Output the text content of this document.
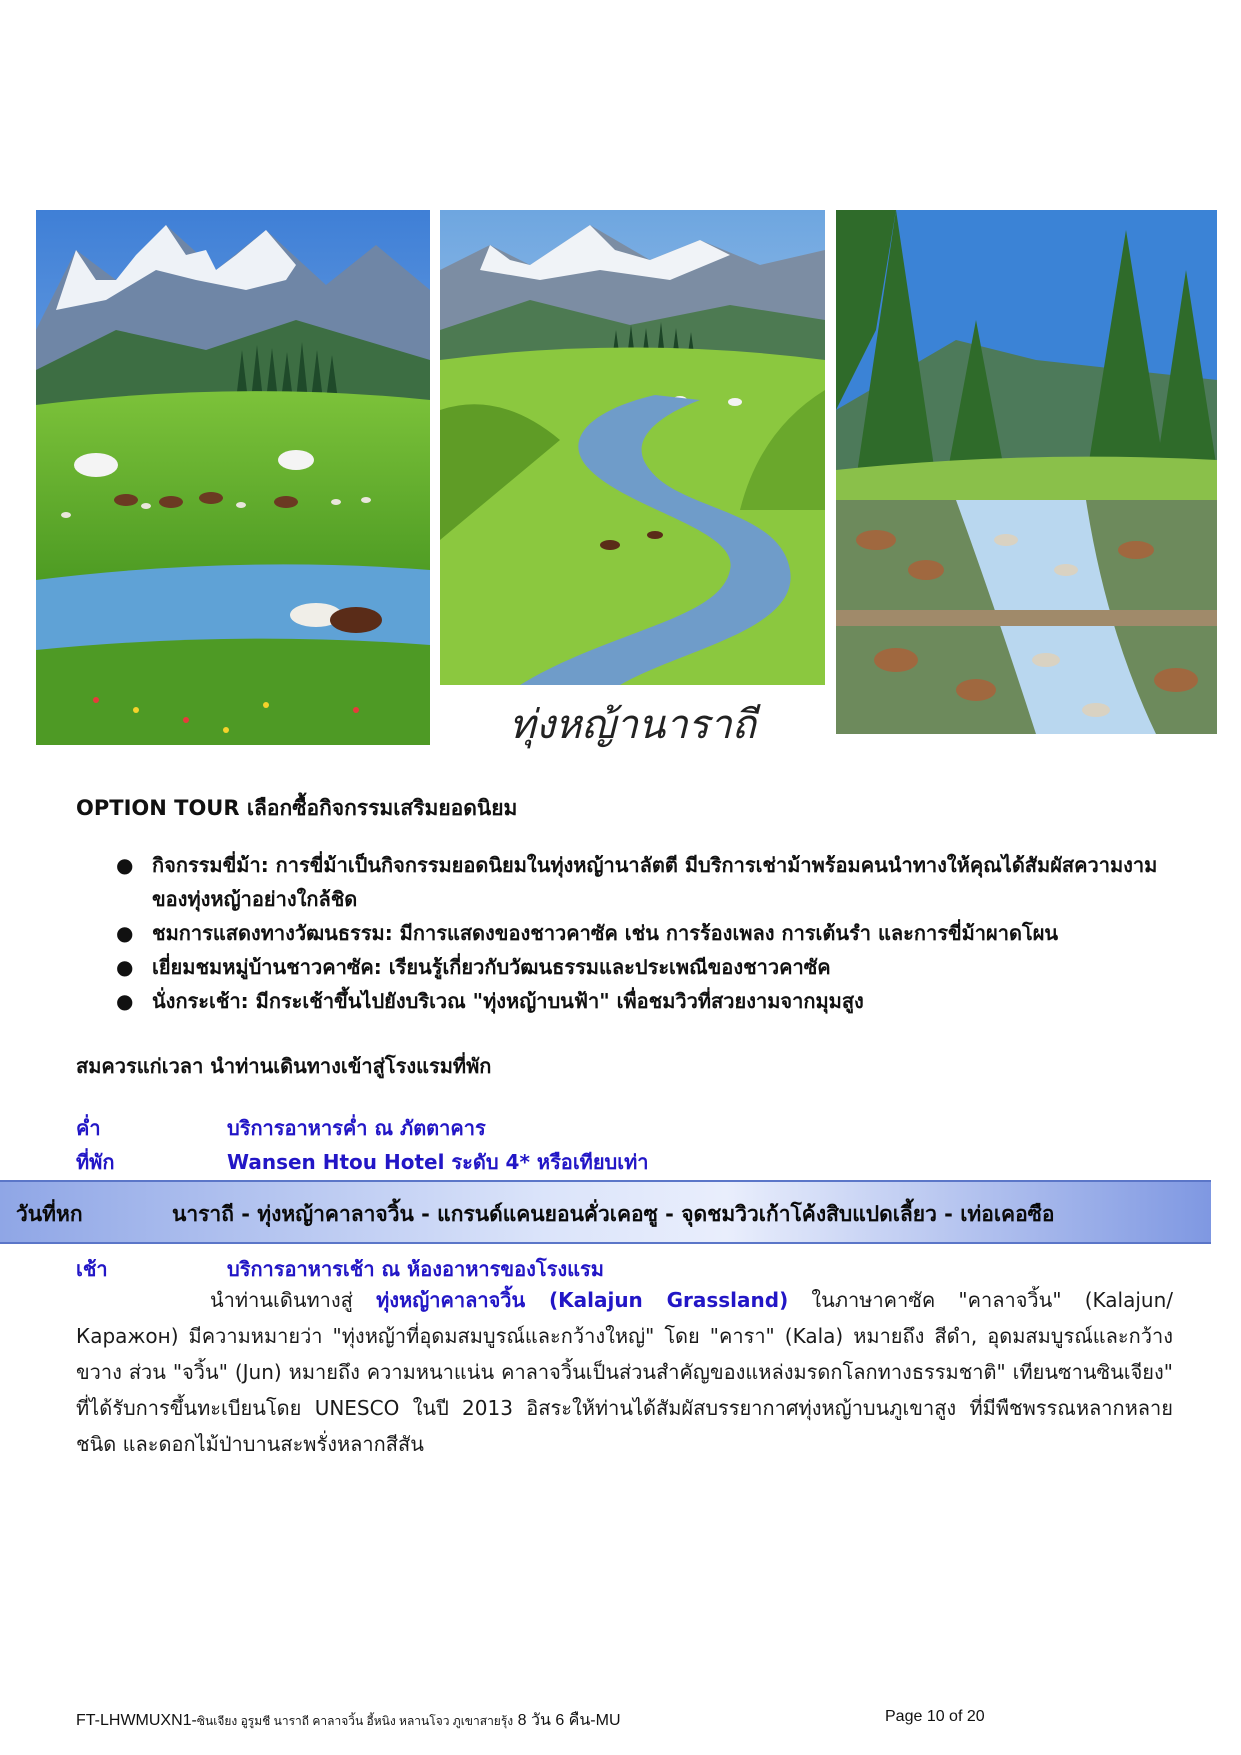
ทุ่งหญ้านาราถี
OPTION TOUR เลือกซื้อกิจกรรมเสริมยอดนิยม
● กิจกรรมขี่ม้า: การขี่ม้าเป็นกิจกรรมยอดนิยมในทุ่งหญ้านาลัตตี มีบริการเช่าม้าพร้อมคนนำทางให้คุณได้สัมผัสความงามของทุ่งหญ้าอย่างใกล้ชิด
● ชมการแสดงทางวัฒนธรรม: มีการแสดงของชาวคาซัค เช่น การร้องเพลง การเต้นรำ และการขี่ม้าผาดโผน
● เยี่ยมชมหมู่บ้านชาวคาซัค: เรียนรู้เกี่ยวกับวัฒนธรรมและประเพณีของชาวคาซัค
● นั่งกระเช้า: มีกระเช้าขึ้นไปยังบริเวณ "ทุ่งหญ้าบนฟ้า" เพื่อชมวิวที่สวยงามจากมุมสูง
สมควรแก่เวลา นำท่านเดินทางเข้าสู่โรงแรมที่พัก
ค่ำ	บริการอาหารค่ำ ณ ภัตตาคาร
ที่พัก	Wansen Htou Hotel ระดับ 4* หรือเทียบเท่า
วันที่หก	นาราถี - ทุ่งหญ้าคาลาจวิ้น - แกรนด์แคนยอนคั่วเคอซู - จุดชมวิวเก้าโค้งสิบแปดเลี้ยว - เท่อเคอซือ
เช้า	บริการอาหารเช้า ณ ห้องอาหารของโรงแรม
นำท่านเดินทางสู่ ทุ่งหญ้าคาลาจวิ้น (Kalajun Grassland) ในภาษาคาซัค "คาลาจวิ้น" (Kalajun/Каражон) มีความหมายว่า "ทุ่งหญ้าที่อุดมสมบูรณ์และกว้างใหญ่" โดย "คารา" (Kala) หมายถึง สีดำ, อุดมสมบูรณ์และกว้างขวาง ส่วน "จวิ้น" (Jun) หมายถึง ความหนาแน่น คาลาจวิ้นเป็นส่วนสำคัญของแหล่งมรดกโลกทางธรรมชาติ" เทียนซานซินเจียง" ที่ได้รับการขึ้นทะเบียนโดย UNESCO ในปี 2013 อิสระให้ท่านได้สัมผัสบรรยากาศทุ่งหญ้าบนภูเขาสูง ที่มีพืชพรรณหลากหลายชนิด และดอกไม้ป่าบานสะพรั่งหลากสีสัน
FT-LHWMUXN1-ซินเจียง อูรูมชี นาราถี คาลาจวิ้น อี้หนิง หลานโจว ภูเขาสายรุ้ง 8 วัน 6 คืน-MU	Page 10 of 20
